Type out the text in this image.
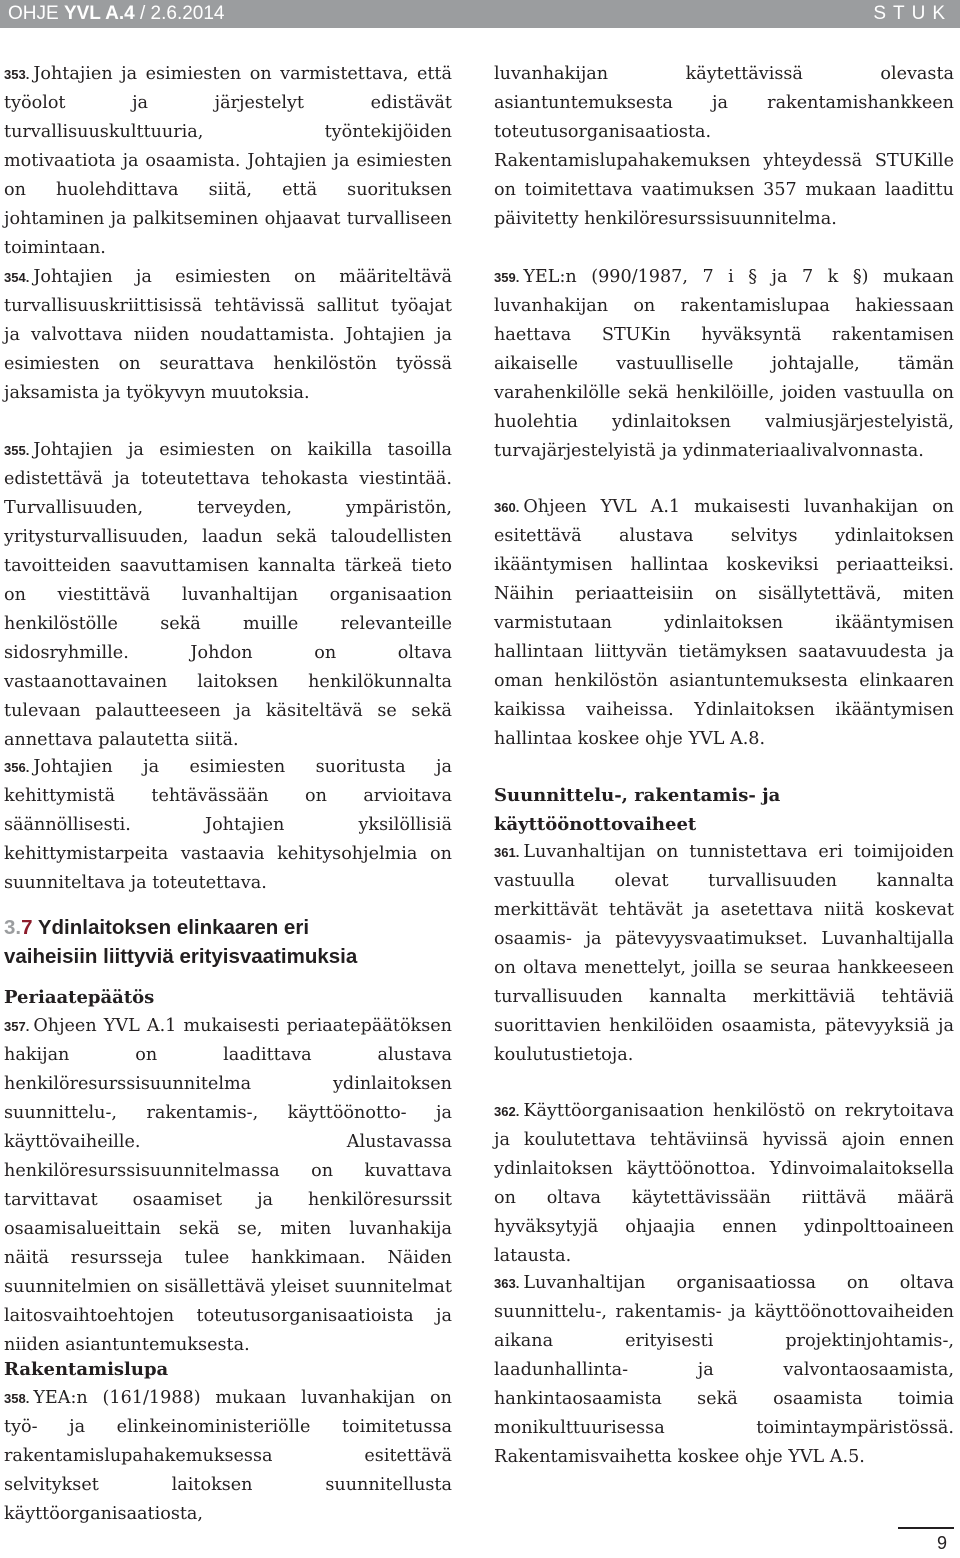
OHJE YVL A.4 / 2.6.2014	STUK

353. Johtajien ja esimiesten on varmistettava, että työolot ja järjestelyt edistävät turvallisuuskulttuuria, työntekijöiden motivaatiota ja osaamista. Johtajien ja esimiesten on huolehdittava siitä, että suorituksen johtaminen ja palkitseminen ohjaavat turvalliseen toimintaan.

354. Johtajien ja esimiesten on määriteltävä turvallisuuskriittisissä tehtävissä sallitut työajat ja valvottava niiden noudattamista. Johtajien ja esimiesten on seurattava henkilöstön työssä jaksamista ja työkyvyn muutoksia.

355. Johtajien ja esimiesten on kaikilla tasoilla edistettävä ja toteutettava tehokasta viestintää. Turvallisuuden, terveyden, ympäristön, yritysturvallisuuden, laadun sekä taloudellisten tavoitteiden saavuttamisen kannalta tärkeä tieto on viestittävä luvanhaltijan organisaation henkilöstölle sekä muille relevanteille sidosryhmille. Johdon on oltava vastaanottavainen laitoksen henkilökunnalta tulevaan palautteeseen ja käsiteltävä se sekä annettava palautetta siitä.

356. Johtajien ja esimiesten suoritusta ja kehittymistä tehtävässään on arvioitava säännöllisesti. Johtajien yksilöllisiä kehittymistarpeita vastaavia kehitysohjelmia on suunniteltava ja toteutettava.

3.7 Ydinlaitoksen elinkaaren eri
vaiheisiin liittyviä erityisvaatimuksia

Periaatepäätös

357. Ohjeen YVL A.1 mukaisesti periaatepäätöksen hakijan on laadittava alustava henkilöresurssisuunnitelma ydinlaitoksen suunnittelu-, rakentamis-, käyttöönotto- ja käyttövaiheille. Alustavassa henkilöresurssisuunnitelmassa on kuvattava tarvittavat osaamiset ja henkilöresurssit osaamisalueittain sekä se, miten luvanhakija näitä resursseja tulee hankkimaan. Näiden suunnitelmien on sisällettävä yleiset suunnitelmat laitosvaihtoehtojen toteutusorganisaatioista ja niiden asiantuntemuksesta.

Rakentamislupa

358. YEA:n (161/1988) mukaan luvanhakijan on työ- ja elinkeinoministeriölle toimitetussa rakentamislupahakemuksessa esitettävä selvitykset laitoksen suunnitellusta käyttöorganisaatiosta,

luvanhakijan käytettävissä olevasta asiantuntemuksesta ja rakentamishankkeen toteutusorganisaatiosta. Rakentamislupahakemuksen yhteydessä STUKille on toimitettava vaatimuksen 357 mukaan laadittu päivitetty henkilöresurssisuunnitelma.

359. YEL:n (990/1987, 7 i § ja 7 k §) mukaan luvanhakijan on rakentamislupaa hakiessaan haettava STUKin hyväksyntä rakentamisen aikaiselle vastuulliselle johtajalle, tämän varahenkilölle sekä henkilöille, joiden vastuulla on huolehtia ydinlaitoksen valmiusjärjestelyistä, turvajärjestelyistä ja ydinmateriaalivalvonnasta.

360. Ohjeen YVL A.1 mukaisesti luvanhakijan on esitettävä alustava selvitys ydinlaitoksen ikääntymisen hallintaa koskeviksi periaatteiksi. Näihin periaatteisiin on sisällytettävä, miten varmistutaan ydinlaitoksen ikääntymisen hallintaan liittyvän tietämyksen saatavuudesta ja oman henkilöstön asiantuntemuksesta elinkaaren kaikissa vaiheissa. Ydinlaitoksen ikääntymisen hallintaa koskee ohje YVL A.8.

Suunnittelu-, rakentamis- ja
käyttöönottovaiheet

361. Luvanhaltijan on tunnistettava eri toimijoiden vastuulla olevat turvallisuuden kannalta merkittävät tehtävät ja asetettava niitä koskevat osaamis- ja pätevyysvaatimukset. Luvanhaltijalla on oltava menettelyt, joilla se seuraa hankkeeseen turvallisuuden kannalta merkittäviä tehtäviä suorittavien henkilöiden osaamista, pätevyyksiä ja koulutustietoja.

362. Käyttöorganisaation henkilöstö on rekrytoitava ja koulutettava tehtäviinsä hyvissä ajoin ennen ydinlaitoksen käyttöönottoa. Ydinvoimalaitoksella on oltava käytettävissään riittävä määrä hyväksytyjä ohjaajia ennen ydinpolttoaineen latausta.

363. Luvanhaltijan organisaatiossa on oltava suunnittelu-, rakentamis- ja käyttöönottovaiheiden aikana erityisesti projektinjohtamis-, laadunhallinta- ja valvontaosaamista, hankintaosaamista sekä osaamista toimia monikulttuurisessa toimintaympäristössä. Rakentamisvaihetta koskee ohje YVL A.5.

9
